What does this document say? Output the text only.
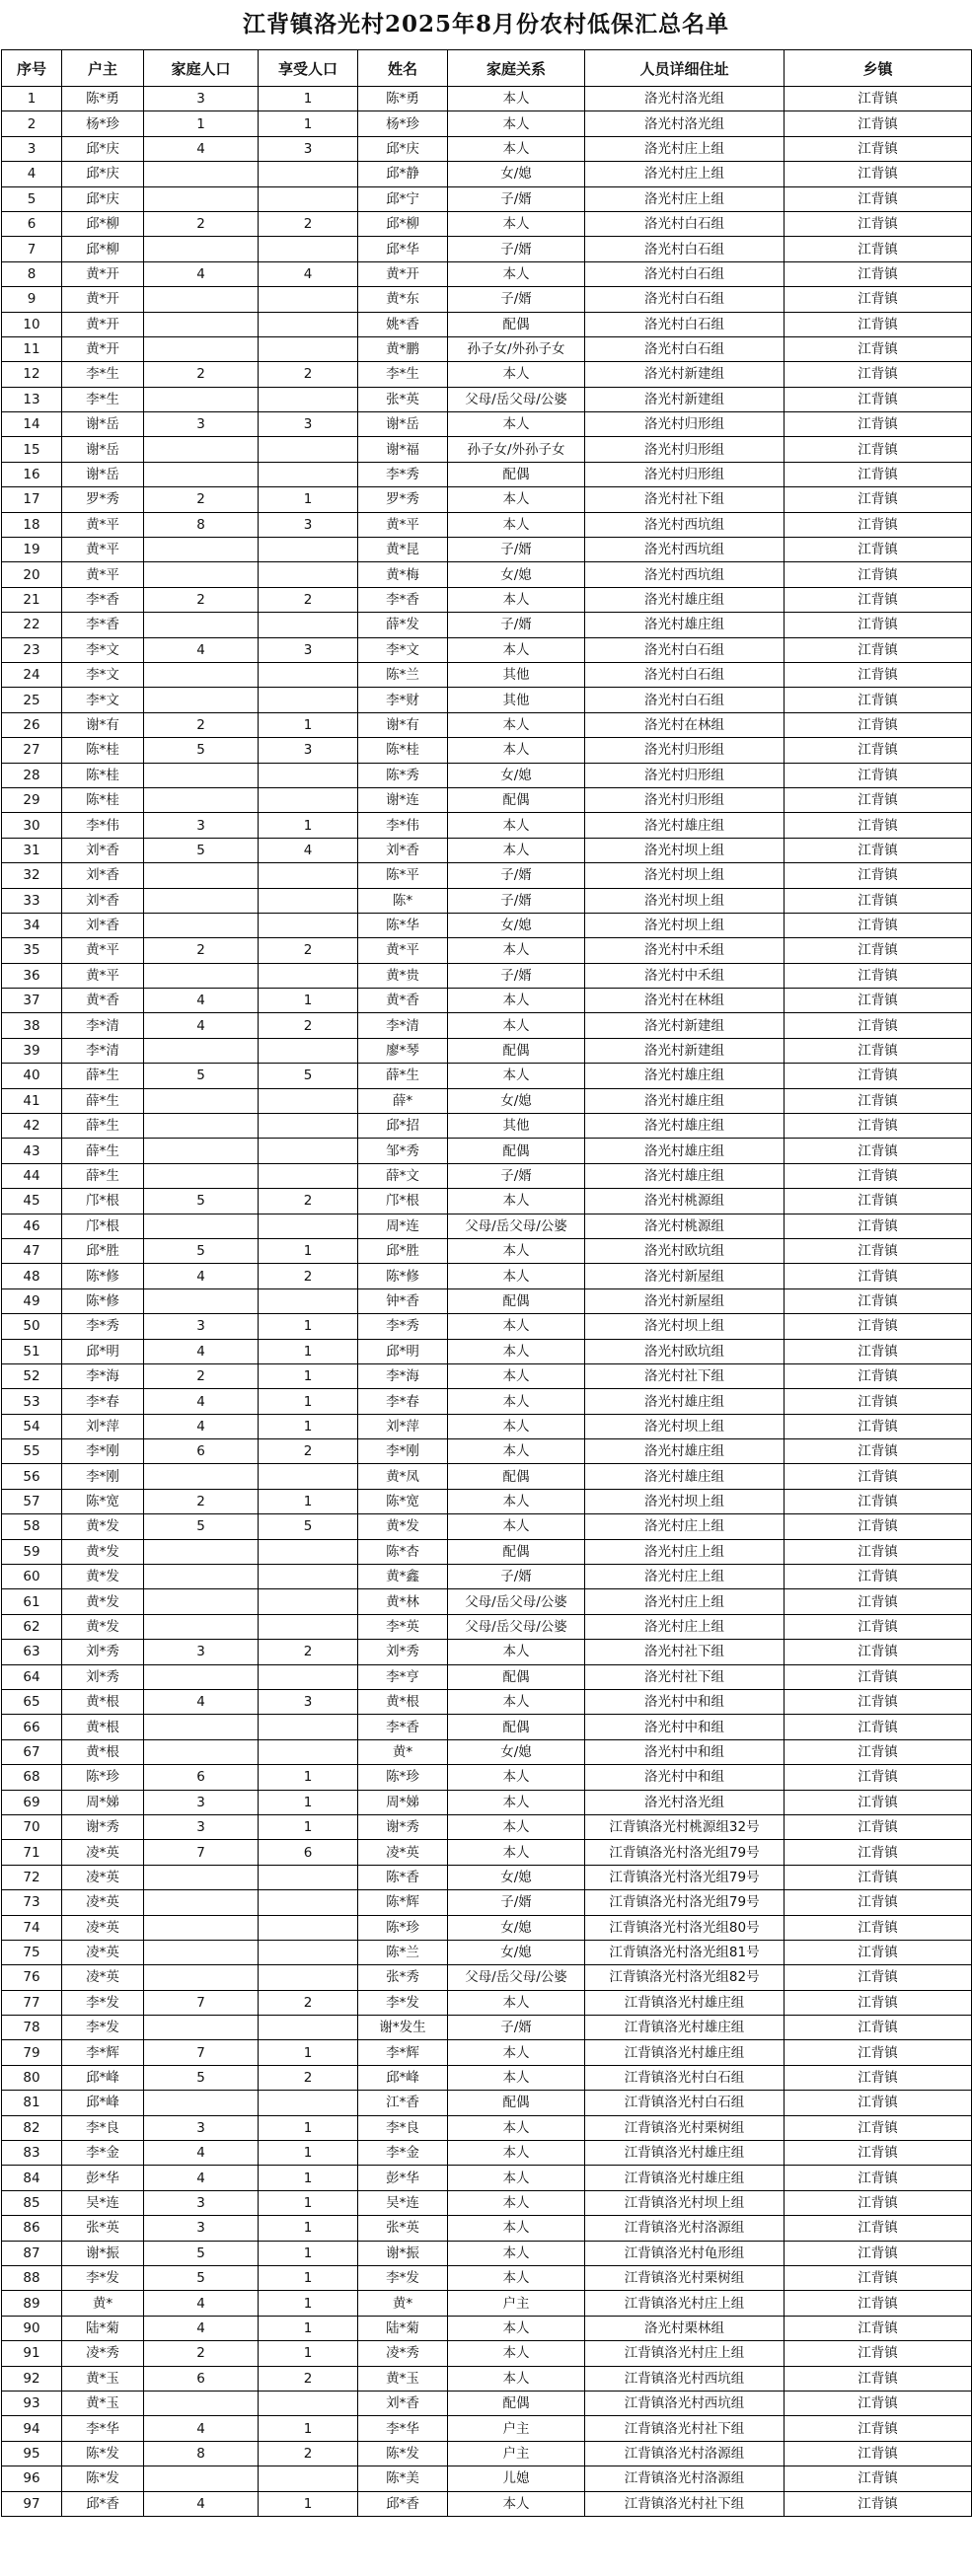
江背镇洛光村2025年8月份农村低保汇总名单
序号	户主	家庭人口	享受人口	姓名	家庭关系	人员详细住址	乡镇
1	陈*勇	3	1	陈*勇	本人	洛光村洛光组	江背镇
2	杨*珍	1	1	杨*珍	本人	洛光村洛光组	江背镇
3	邱*庆	4	3	邱*庆	本人	洛光村庄上组	江背镇
4	邱*庆			邱*静	女/媳	洛光村庄上组	江背镇
5	邱*庆			邱*宁	子/婿	洛光村庄上组	江背镇
6	邱*柳	2	2	邱*柳	本人	洛光村白石组	江背镇
7	邱*柳			邱*华	子/婿	洛光村白石组	江背镇
8	黄*开	4	4	黄*开	本人	洛光村白石组	江背镇
9	黄*开			黄*东	子/婿	洛光村白石组	江背镇
10	黄*开			姚*香	配偶	洛光村白石组	江背镇
11	黄*开			黄*鹏	孙子女/外孙子女	洛光村白石组	江背镇
12	李*生	2	2	李*生	本人	洛光村新建组	江背镇
13	李*生			张*英	父母/岳父母/公婆	洛光村新建组	江背镇
14	谢*岳	3	3	谢*岳	本人	洛光村归形组	江背镇
15	谢*岳			谢*福	孙子女/外孙子女	洛光村归形组	江背镇
16	谢*岳			李*秀	配偶	洛光村归形组	江背镇
17	罗*秀	2	1	罗*秀	本人	洛光村社下组	江背镇
18	黄*平	8	3	黄*平	本人	洛光村西坑组	江背镇
19	黄*平			黄*昆	子/婿	洛光村西坑组	江背镇
20	黄*平			黄*梅	女/媳	洛光村西坑组	江背镇
21	李*香	2	2	李*香	本人	洛光村雄庄组	江背镇
22	李*香			薛*发	子/婿	洛光村雄庄组	江背镇
23	李*文	4	3	李*文	本人	洛光村白石组	江背镇
24	李*文			陈*兰	其他	洛光村白石组	江背镇
25	李*文			李*财	其他	洛光村白石组	江背镇
26	谢*有	2	1	谢*有	本人	洛光村在林组	江背镇
27	陈*桂	5	3	陈*桂	本人	洛光村归形组	江背镇
28	陈*桂			陈*秀	女/媳	洛光村归形组	江背镇
29	陈*桂			谢*连	配偶	洛光村归形组	江背镇
30	李*伟	3	1	李*伟	本人	洛光村雄庄组	江背镇
31	刘*香	5	4	刘*香	本人	洛光村坝上组	江背镇
32	刘*香			陈*平	子/婿	洛光村坝上组	江背镇
33	刘*香			陈*	子/婿	洛光村坝上组	江背镇
34	刘*香			陈*华	女/媳	洛光村坝上组	江背镇
35	黄*平	2	2	黄*平	本人	洛光村中禾组	江背镇
36	黄*平			黄*贵	子/婿	洛光村中禾组	江背镇
37	黄*香	4	1	黄*香	本人	洛光村在林组	江背镇
38	李*清	4	2	李*清	本人	洛光村新建组	江背镇
39	李*清			廖*琴	配偶	洛光村新建组	江背镇
40	薛*生	5	5	薛*生	本人	洛光村雄庄组	江背镇
41	薛*生			薛*	女/媳	洛光村雄庄组	江背镇
42	薛*生			邱*招	其他	洛光村雄庄组	江背镇
43	薛*生			邹*秀	配偶	洛光村雄庄组	江背镇
44	薛*生			薛*文	子/婿	洛光村雄庄组	江背镇
45	邝*根	5	2	邝*根	本人	洛光村桃源组	江背镇
46	邝*根			周*连	父母/岳父母/公婆	洛光村桃源组	江背镇
47	邱*胜	5	1	邱*胜	本人	洛光村欧坑组	江背镇
48	陈*修	4	2	陈*修	本人	洛光村新屋组	江背镇
49	陈*修			钟*香	配偶	洛光村新屋组	江背镇
50	李*秀	3	1	李*秀	本人	洛光村坝上组	江背镇
51	邱*明	4	1	邱*明	本人	洛光村欧坑组	江背镇
52	李*海	2	1	李*海	本人	洛光村社下组	江背镇
53	李*春	4	1	李*春	本人	洛光村雄庄组	江背镇
54	刘*萍	4	1	刘*萍	本人	洛光村坝上组	江背镇
55	李*刚	6	2	李*刚	本人	洛光村雄庄组	江背镇
56	李*刚			黄*凤	配偶	洛光村雄庄组	江背镇
57	陈*宽	2	1	陈*宽	本人	洛光村坝上组	江背镇
58	黄*发	5	5	黄*发	本人	洛光村庄上组	江背镇
59	黄*发			陈*杏	配偶	洛光村庄上组	江背镇
60	黄*发			黄*鑫	子/婿	洛光村庄上组	江背镇
61	黄*发			黄*林	父母/岳父母/公婆	洛光村庄上组	江背镇
62	黄*发			李*英	父母/岳父母/公婆	洛光村庄上组	江背镇
63	刘*秀	3	2	刘*秀	本人	洛光村社下组	江背镇
64	刘*秀			李*亨	配偶	洛光村社下组	江背镇
65	黄*根	4	3	黄*根	本人	洛光村中和组	江背镇
66	黄*根			李*香	配偶	洛光村中和组	江背镇
67	黄*根			黄*	女/媳	洛光村中和组	江背镇
68	陈*珍	6	1	陈*珍	本人	洛光村中和组	江背镇
69	周*娣	3	1	周*娣	本人	洛光村洛光组	江背镇
70	谢*秀	3	1	谢*秀	本人	江背镇洛光村桃源组32号	江背镇
71	凌*英	7	6	凌*英	本人	江背镇洛光村洛光组79号	江背镇
72	凌*英			陈*香	女/媳	江背镇洛光村洛光组79号	江背镇
73	凌*英			陈*辉	子/婿	江背镇洛光村洛光组79号	江背镇
74	凌*英			陈*珍	女/媳	江背镇洛光村洛光组80号	江背镇
75	凌*英			陈*兰	女/媳	江背镇洛光村洛光组81号	江背镇
76	凌*英			张*秀	父母/岳父母/公婆	江背镇洛光村洛光组82号	江背镇
77	李*发	7	2	李*发	本人	江背镇洛光村雄庄组	江背镇
78	李*发			谢*发生	子/婿	江背镇洛光村雄庄组	江背镇
79	李*辉	7	1	李*辉	本人	江背镇洛光村雄庄组	江背镇
80	邱*峰	5	2	邱*峰	本人	江背镇洛光村白石组	江背镇
81	邱*峰			江*香	配偶	江背镇洛光村白石组	江背镇
82	李*良	3	1	李*良	本人	江背镇洛光村栗树组	江背镇
83	李*金	4	1	李*金	本人	江背镇洛光村雄庄组	江背镇
84	彭*华	4	1	彭*华	本人	江背镇洛光村雄庄组	江背镇
85	吴*连	3	1	吴*连	本人	江背镇洛光村坝上组	江背镇
86	张*英	3	1	张*英	本人	江背镇洛光村洛源组	江背镇
87	谢*振	5	1	谢*振	本人	江背镇洛光村龟形组	江背镇
88	李*发	5	1	李*发	本人	江背镇洛光村栗树组	江背镇
89	黄*	4	1	黄*	户主	江背镇洛光村庄上组	江背镇
90	陆*菊	4	1	陆*菊	本人	洛光村栗林组	江背镇
91	凌*秀	2	1	凌*秀	本人	江背镇洛光村庄上组	江背镇
92	黄*玉	6	2	黄*玉	本人	江背镇洛光村西坑组	江背镇
93	黄*玉			刘*香	配偶	江背镇洛光村西坑组	江背镇
94	李*华	4	1	李*华	户主	江背镇洛光村社下组	江背镇
95	陈*发	8	2	陈*发	户主	江背镇洛光村洛源组	江背镇
96	陈*发			陈*美	儿媳	江背镇洛光村洛源组	江背镇
97	邱*香	4	1	邱*香	本人	江背镇洛光村社下组	江背镇
